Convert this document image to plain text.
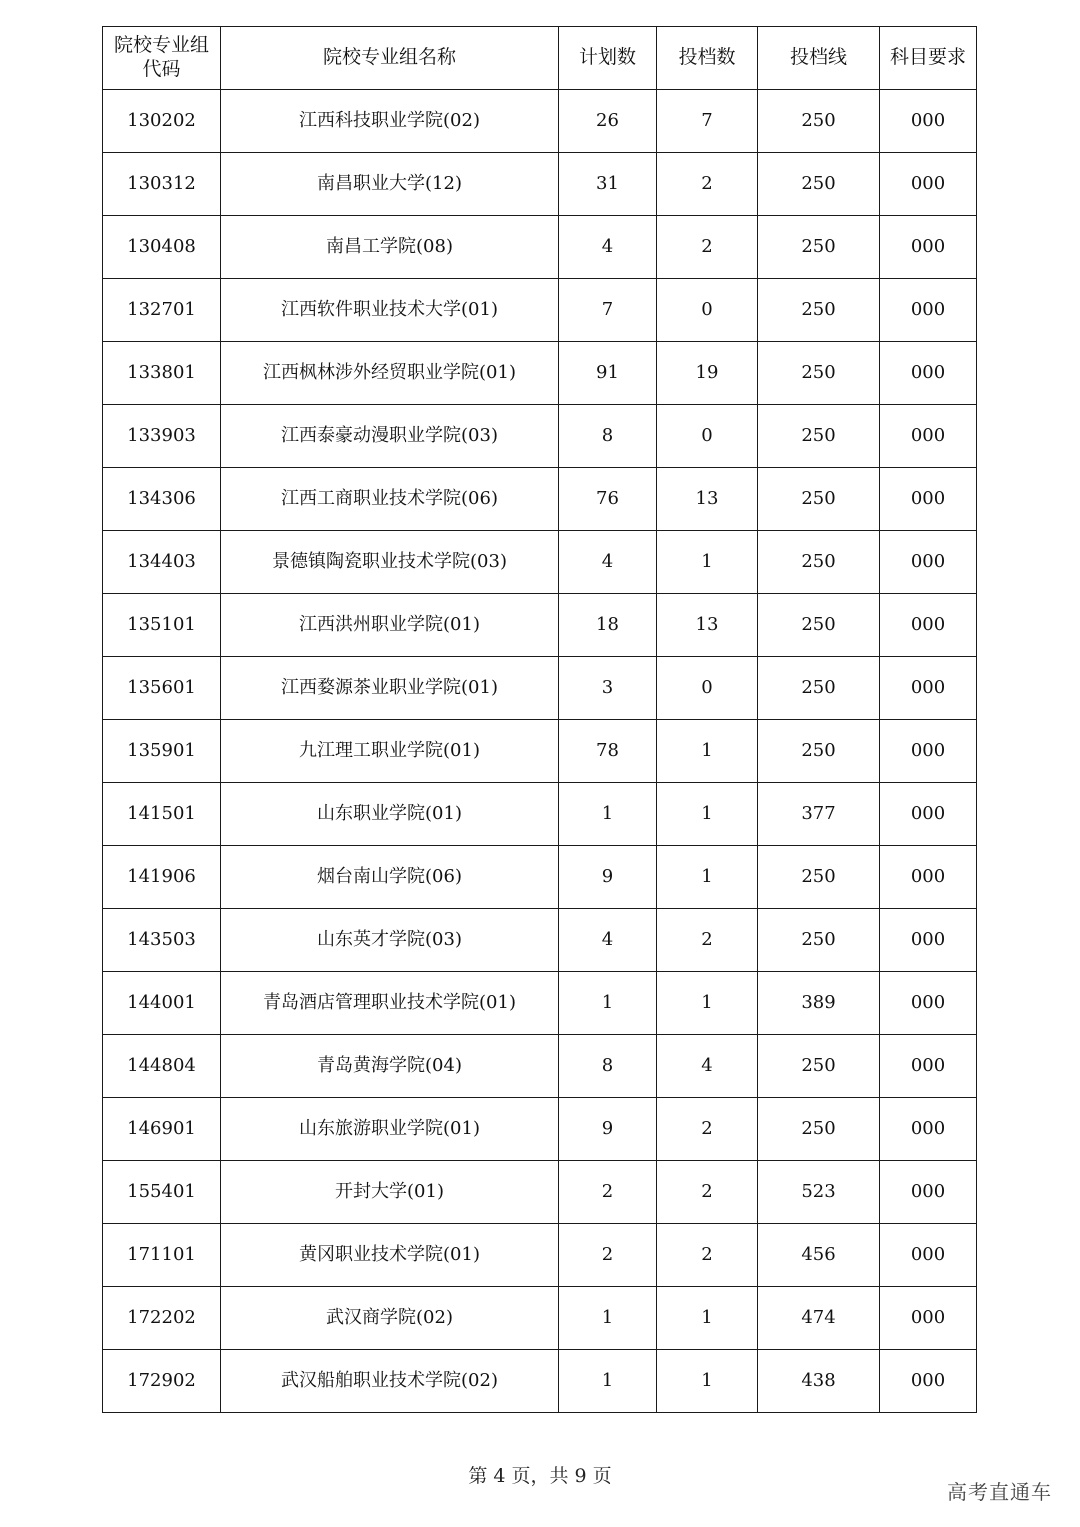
院校专业组
代码	院校专业组名称	计划数	投档数	投档线	科目要求
130202	江西科技职业学院(02)	26	7	250	000
130312	南昌职业大学(12)	31	2	250	000
130408	南昌工学院(08)	4	2	250	000
132701	江西软件职业技术大学(01)	7	0	250	000
133801	江西枫林涉外经贸职业学院(01)	91	19	250	000
133903	江西泰豪动漫职业学院(03)	8	0	250	000
134306	江西工商职业技术学院(06)	76	13	250	000
134403	景德镇陶瓷职业技术学院(03)	4	1	250	000
135101	江西洪州职业学院(01)	18	13	250	000
135601	江西婺源茶业职业学院(01)	3	0	250	000
135901	九江理工职业学院(01)	78	1	250	000
141501	山东职业学院(01)	1	1	377	000
141906	烟台南山学院(06)	9	1	250	000
143503	山东英才学院(03)	4	2	250	000
144001	青岛酒店管理职业技术学院(01)	1	1	389	000
144804	青岛黄海学院(04)	8	4	250	000
146901	山东旅游职业学院(01)	9	2	250	000
155401	开封大学(01)	2	2	523	000
171101	黄冈职业技术学院(01)	2	2	456	000
172202	武汉商学院(02)	1	1	474	000
172902	武汉船舶职业技术学院(02)	1	1	438	000
第 4 页，共 9 页
高考直通车
